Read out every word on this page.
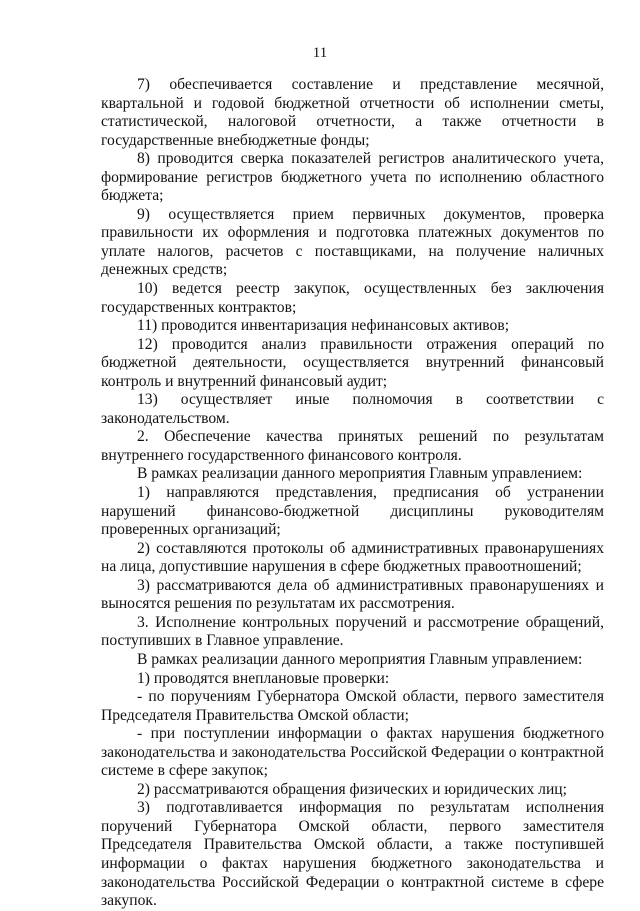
11

7) обеспечивается составление и представление месячной, квартальной и годовой бюджетной отчетности об исполнении сметы, статистической, налоговой отчетности, а также отчетности в государственные внебюджетные фонды;

8) проводится сверка показателей регистров аналитического учета, формирование регистров бюджетного учета по исполнению областного бюджета;

9) осуществляется прием первичных документов, проверка правильности их оформления и подготовка платежных документов по уплате налогов, расчетов с поставщиками, на получение наличных денежных средств;

10) ведется реестр закупок, осуществленных без заключения государственных контрактов;

11) проводится инвентаризация нефинансовых активов;

12) проводится анализ правильности отражения операций по бюджетной деятельности, осуществляется внутренний финансовый контроль и внутренний финансовый аудит;

13) осуществляет иные полномочия в соответствии с законодательством.

2. Обеспечение качества принятых решений по результатам внутреннего государственного финансового контроля.

В рамках реализации данного мероприятия Главным управлением:

1) направляются представления, предписания об устранении нарушений финансово-бюджетной дисциплины руководителям проверенных организаций;

2) составляются протоколы об административных правонарушениях на лица, допустившие нарушения в сфере бюджетных правоотношений;

3) рассматриваются дела об административных правонарушениях и выносятся решения по результатам их рассмотрения.

3. Исполнение контрольных поручений и рассмотрение обращений, поступивших в Главное управление.

В рамках реализации данного мероприятия Главным управлением:

1) проводятся внеплановые проверки:

- по поручениям Губернатора Омской области, первого заместителя Председателя Правительства Омской области;

- при поступлении информации о фактах нарушения бюджетного законодательства и законодательства Российской Федерации о контрактной системе в сфере закупок;

2) рассматриваются обращения физических и юридических лиц;

3) подготавливается информация по результатам исполнения поручений Губернатора Омской области, первого заместителя Председателя Правительства Омской области, а также поступившей информации о фактах нарушения бюджетного законодательства и законодательства Российской Федерации о контрактной системе в сфере закупок.
